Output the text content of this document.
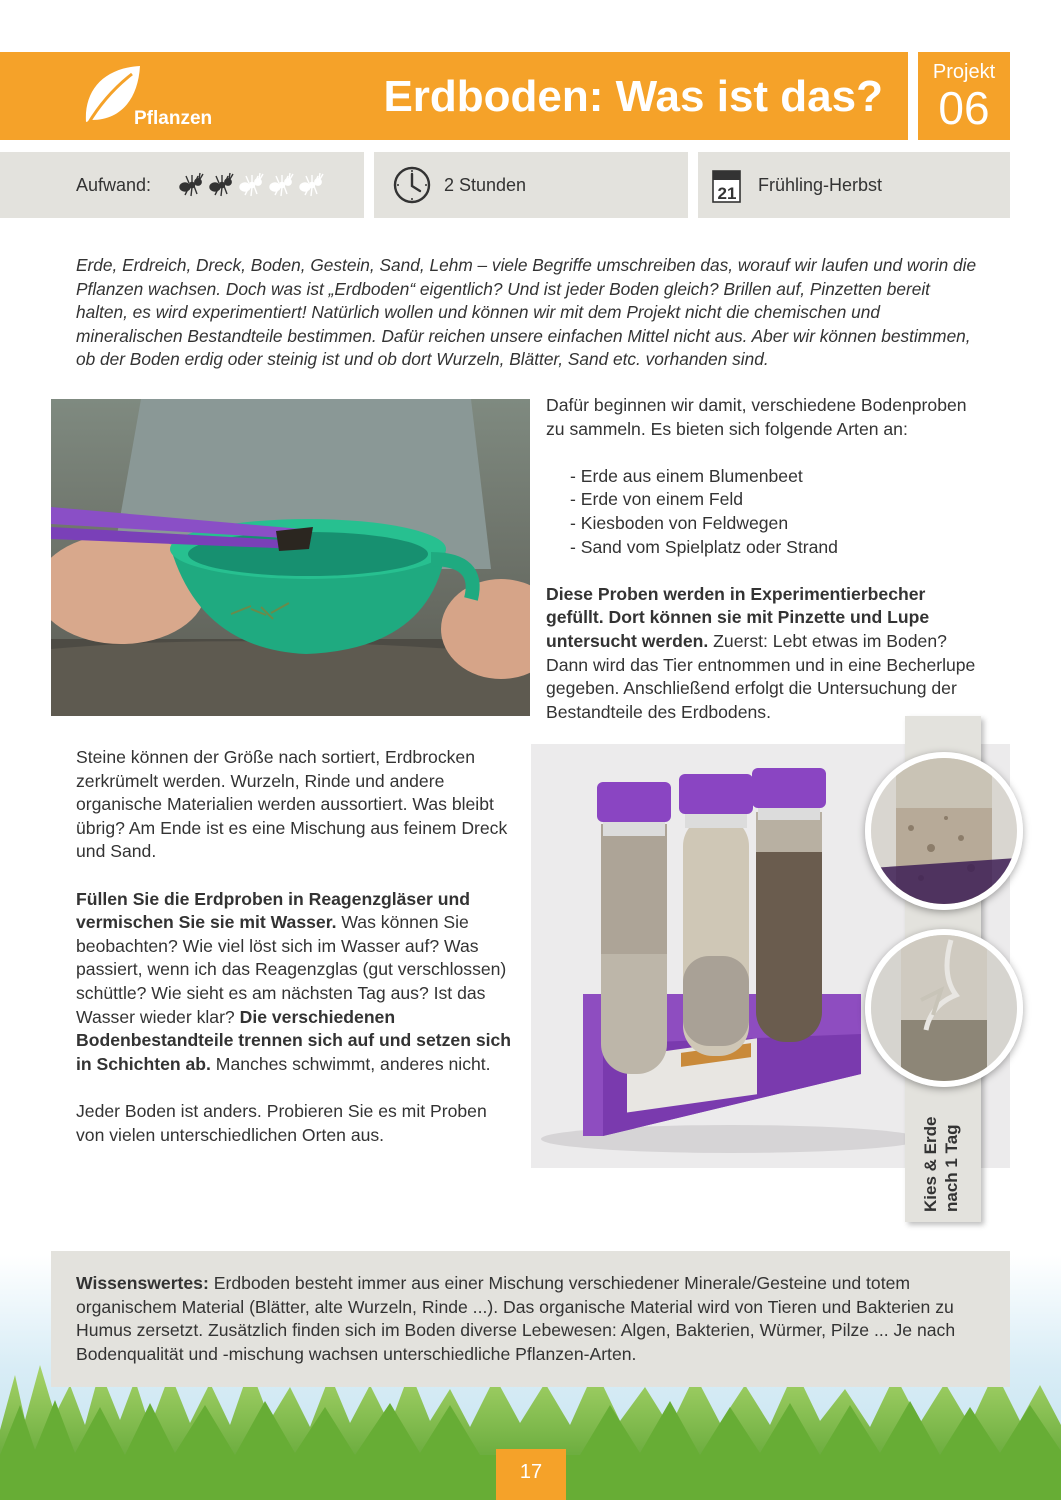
Pflanzen	Erdboden: Was ist das?	Projekt
06
Aufwand:	2 Stunden	21 Frühling-Herbst
Erde, Erdreich, Dreck, Boden, Gestein, Sand, Lehm – viele Begriffe umschreiben das, worauf wir laufen und worin die Pflanzen wachsen. Doch was ist „Erdboden“ eigentlich? Und ist jeder Boden gleich? Brillen auf, Pinzetten bereit halten, es wird experimentiert! Natürlich wollen und können wir mit dem Projekt nicht die chemischen und mineralischen Bestandteile bestimmen. Dafür reichen unsere einfachen Mittel nicht aus. Aber wir können bestimmen, ob der Boden erdig oder steinig ist und ob dort Wurzeln, Blätter, Sand etc. vorhanden sind.

Dafür beginnen wir damit, verschiedene Bodenproben zu sammeln. Es bieten sich folgende Arten an:

- Erde aus einem Blumenbeet
- Erde von einem Feld
- Kiesboden von Feldwegen
- Sand vom Spielplatz oder Strand

Diese Proben werden in Experimentierbecher gefüllt. Dort können sie mit Pinzette und Lupe untersucht werden. Zuerst: Lebt etwas im Boden? Dann wird das Tier entnommen und in eine Becherlupe gegeben. Anschließend erfolgt die Untersuchung der Bestandteile des Erdbodens.

Steine können der Größe nach sortiert, Erdbrocken zerkrümelt werden. Wurzeln, Rinde und andere organische Materialien werden aussortiert. Was bleibt übrig? Am Ende ist es eine Mischung aus feinem Dreck und Sand.

Füllen Sie die Erdproben in Reagenzgläser und vermischen Sie sie mit Wasser. Was können Sie beobachten? Wie viel löst sich im Wasser auf? Was passiert, wenn ich das Reagenzglas (gut verschlossen) schüttle? Wie sieht es am nächsten Tag aus? Ist das Wasser wieder klar? Die verschiedenen Bodenbestandteile trennen sich auf und setzen sich in Schichten ab. Manches schwimmt, anderes nicht.

Jeder Boden ist anders. Probieren Sie es mit Proben von vielen unterschiedlichen Orten aus.	Kies & Erde nach 1 Tag
Wissenswertes: Erdboden besteht immer aus einer Mischung verschiedener Minerale/Gesteine und totem organischem Material (Blätter, alte Wurzeln, Rinde ...). Das organische Material wird von Tieren und Bakterien zu Humus zersetzt. Zusätzlich finden sich im Boden diverse Lebewesen: Algen, Bakterien, Würmer, Pilze ... Je nach Bodenqualität und -mischung wachsen unterschiedliche Pflanzen-Arten.
17
